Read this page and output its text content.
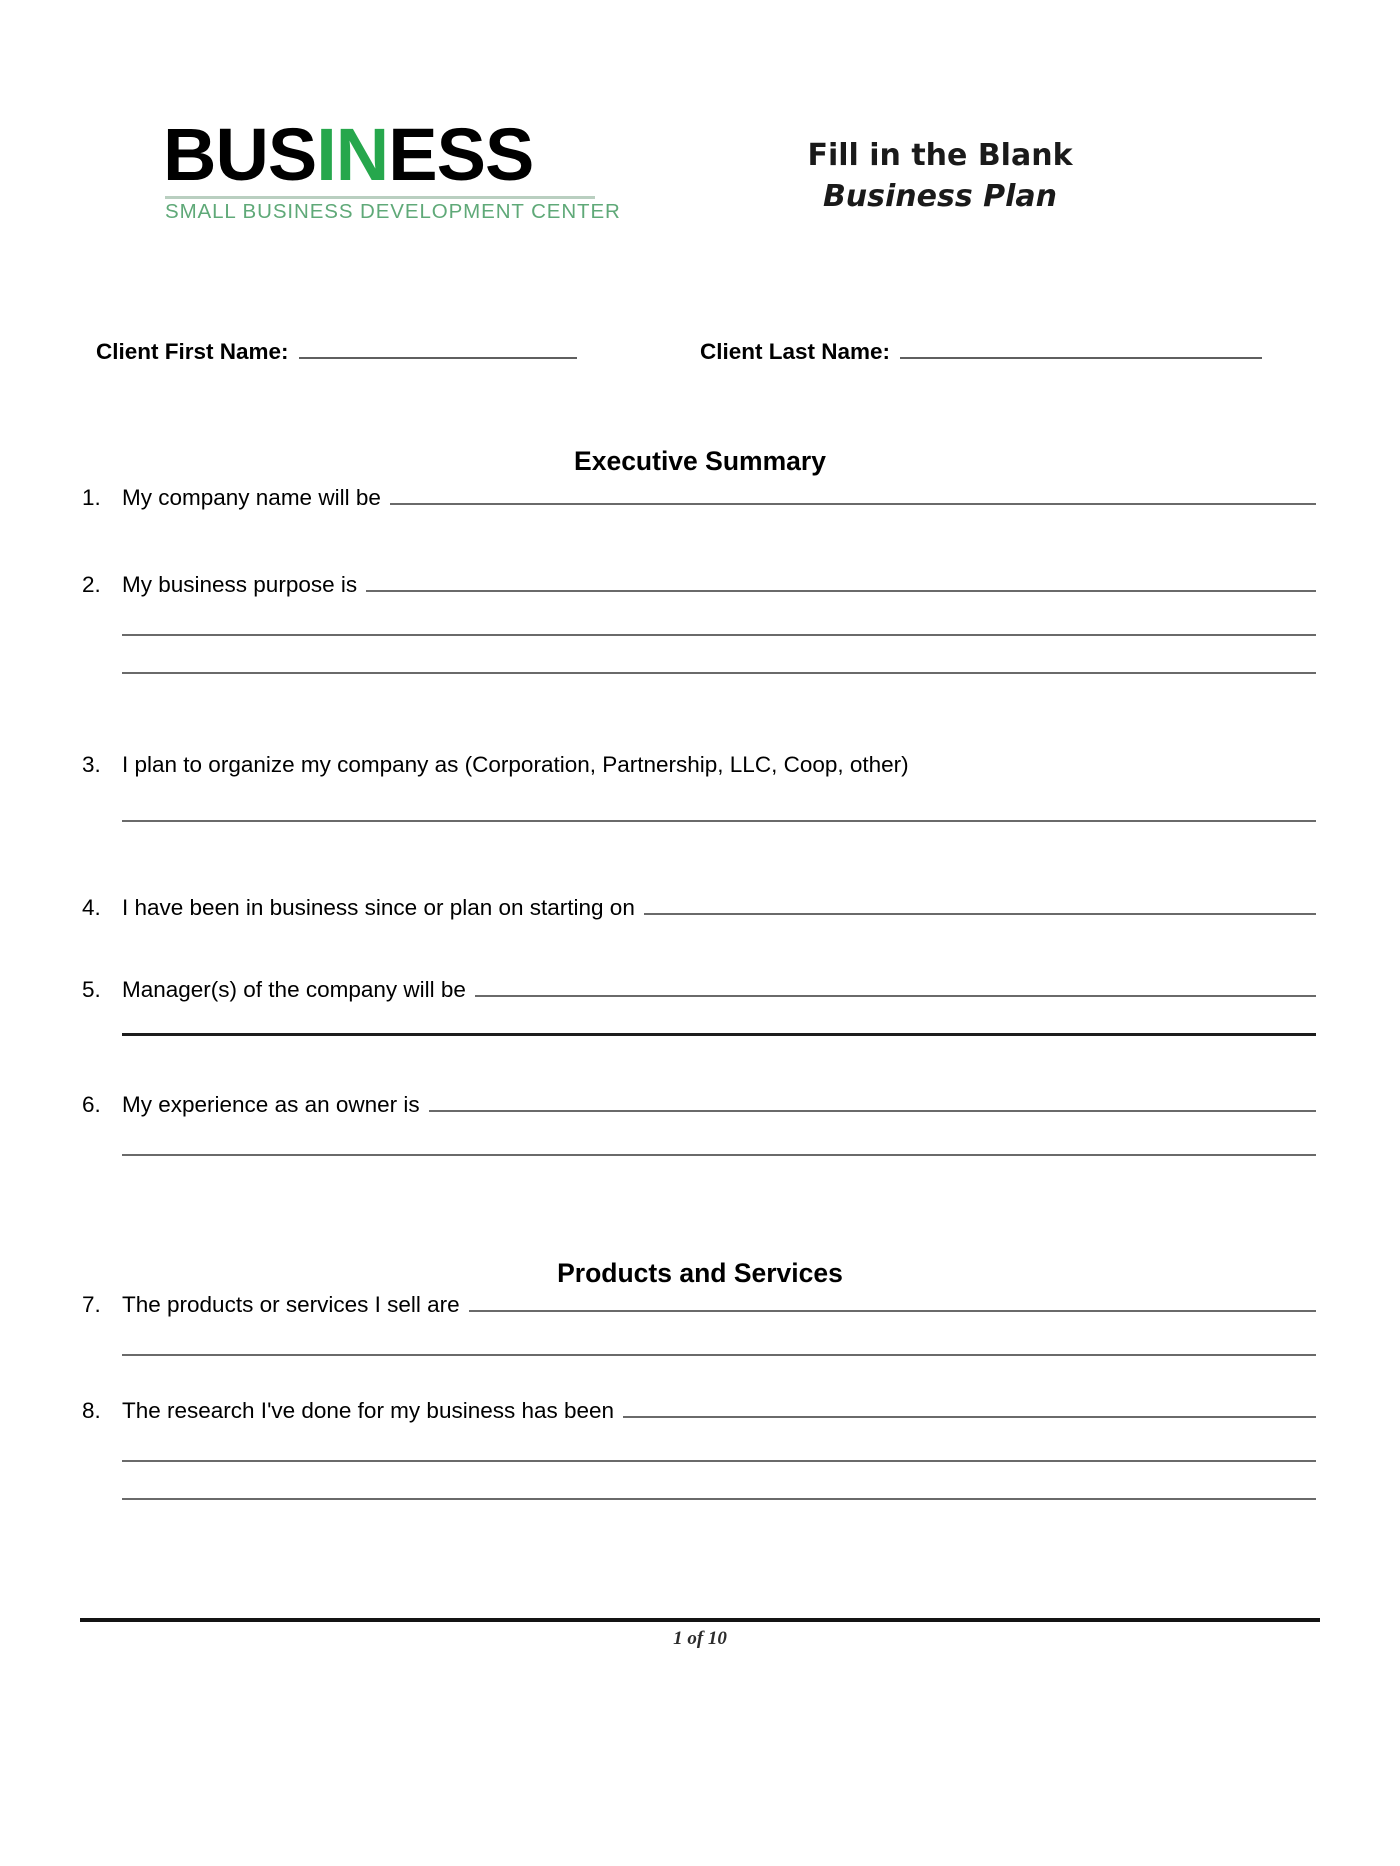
BUSINESS
SMALL BUSINESS DEVELOPMENT CENTER
Fill in the Blank
Business Plan
Client First Name:	Client Last Name:
Executive Summary
1. My company name will be
2. My business purpose is
3. I plan to organize my company as (Corporation, Partnership, LLC, Coop, other)
4. I have been in business since or plan on starting on
5. Manager(s) of the company will be
6. My experience as an owner is
Products and Services
7. The products or services I sell are
8. The research I've done for my business has been
1 of 10
